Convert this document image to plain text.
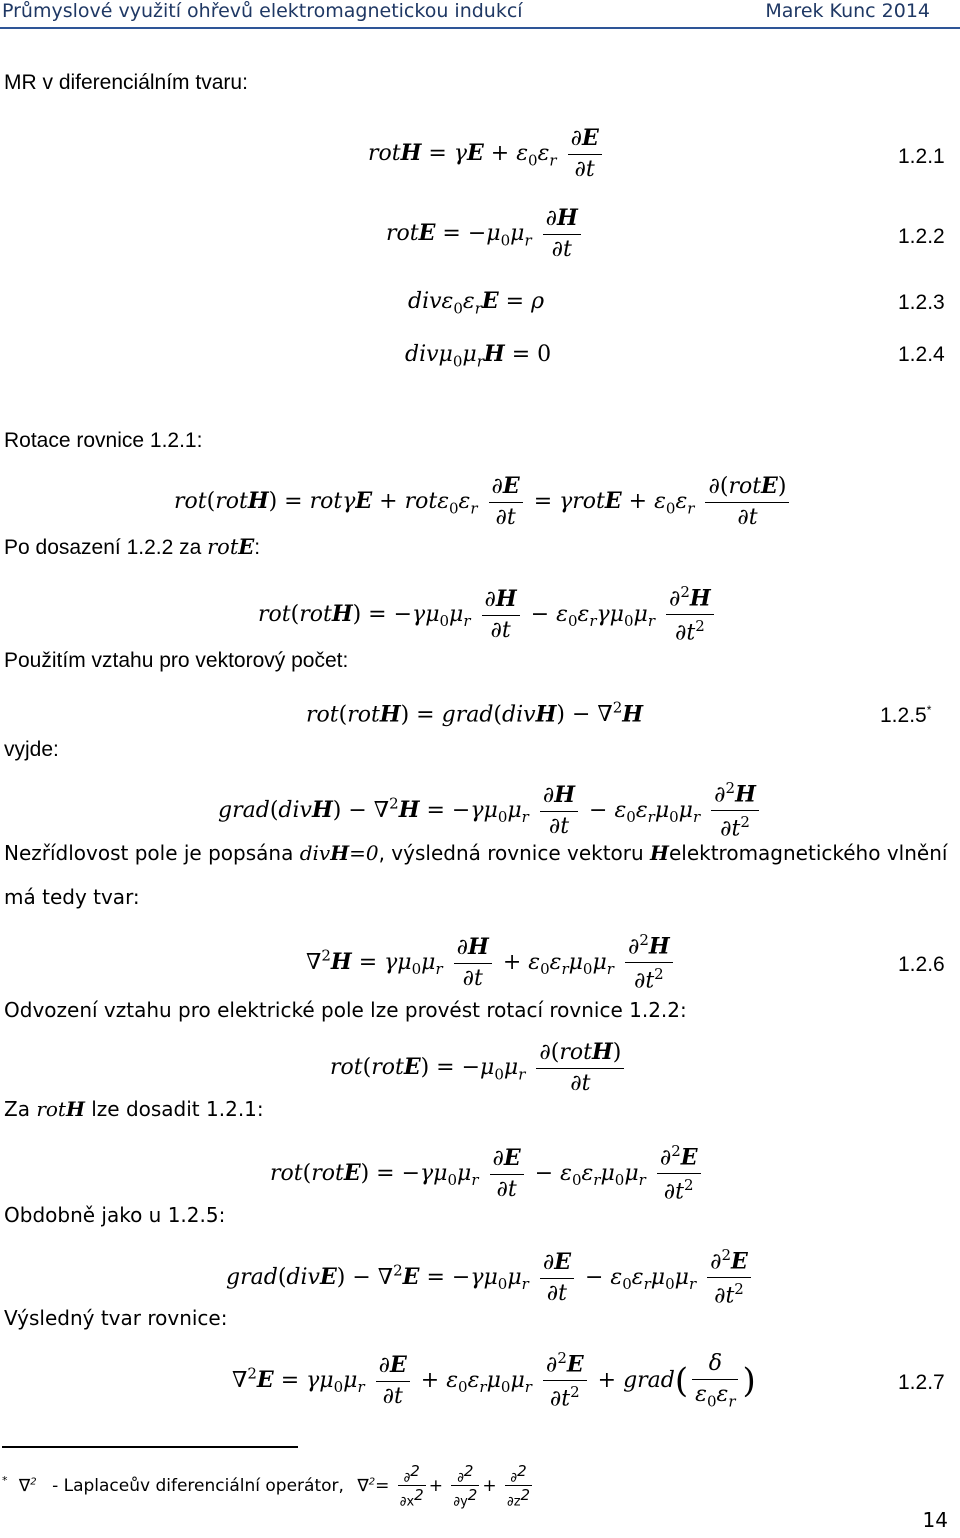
Průmyslové využití ohřevů elektromagnetickou indukcí	Marek Kunc 2014
MR v diferenciálním tvaru:
rotH = $\gamma E + \varepsilon_0\varepsilon_r \frac{\partial E}{\partial t}$	1.2.1
rotE = $-\mu_0\mu_r \frac{\partial H}{\partial t}$	1.2.2
$div\varepsilon_0\varepsilon_rE = \rho$	1.2.3
$div\mu_0\mu_rH = 0$	1.2.4
Rotace rovnice 1.2.1:
rot(rotH) = $rot\gamma E + rot\varepsilon_0\varepsilon_r \frac{\partial E}{\partial t}$ = γrotE + $\varepsilon_0\varepsilon_r \frac{\text{∂(rotE)}}{\partial t}$
Po dosazení 1.2.2 za rotE:
rot(rotH) = $-\gamma\mu_0\mu_r \frac{\partial H}{\partial t} - \varepsilon_0\varepsilon_r\gamma\mu_0\mu_r \frac{\partial^2H}{\partial t^2}$
Použitím vztahu pro vektorový počet:
rot(rotH) = grad(divH) − ∇$^2$H	1.2.5*
vyjde:
grad(divH) − $\nabla^2H = -\gamma\mu_0\mu_r \frac{\partial H}{\partial t} - \varepsilon_0\varepsilon_r\mu_0\mu_r \frac{\partial^2H}{\partial t^2}$
Nezřídlovost pole je popsána divH=0, výsledná rovnice vektoru Helektromagnetického vlnění
má tedy tvar:
$\nabla^2H = \gamma\mu_0\mu_r \frac{\partial H}{\partial t} + \varepsilon_0\varepsilon_r\mu_0\mu_r \frac{\partial^2H}{\partial t^2}$	1.2.6
Odvození vztahu pro elektrické pole lze provést rotací rovnice 1.2.2:
rot(rotE) = $-\mu_0\mu_r \frac{\text{∂(rotH)}}{\partial t}$
Za rotH lze dosadit 1.2.1:
rot(rotE) = $-\gamma\mu_0\mu_r \frac{\partial E}{\partial t} - \varepsilon_0\varepsilon_r\mu_0\mu_r \frac{\partial^2E}{\partial t^2}$
Obdobně jako u 1.2.5:
grad(divE) − $\nabla^2E = -\gamma\mu_0\mu_r \frac{\partial E}{\partial t} - \varepsilon_0\varepsilon_r\mu_0\mu_r \frac{\partial^2E}{\partial t^2}$
Výsledný tvar rovnice:
$\nabla^2E = \gamma\mu_0\mu_r \frac{\partial E}{\partial t} + \varepsilon_0\varepsilon_r\mu_0\mu_r \frac{\partial^2E}{\partial t^2}$ + grad( $\frac{\delta}{\varepsilon_0\varepsilon_r}$ )	1.2.7
* ∇$^2$ - Laplaceův diferenciální operátor, $\nabla^2= \frac{\partial^2}{\partial x^2} + \frac{\partial^2}{\partial y^2} + \frac{\partial^2}{\partial z^2}$
14
